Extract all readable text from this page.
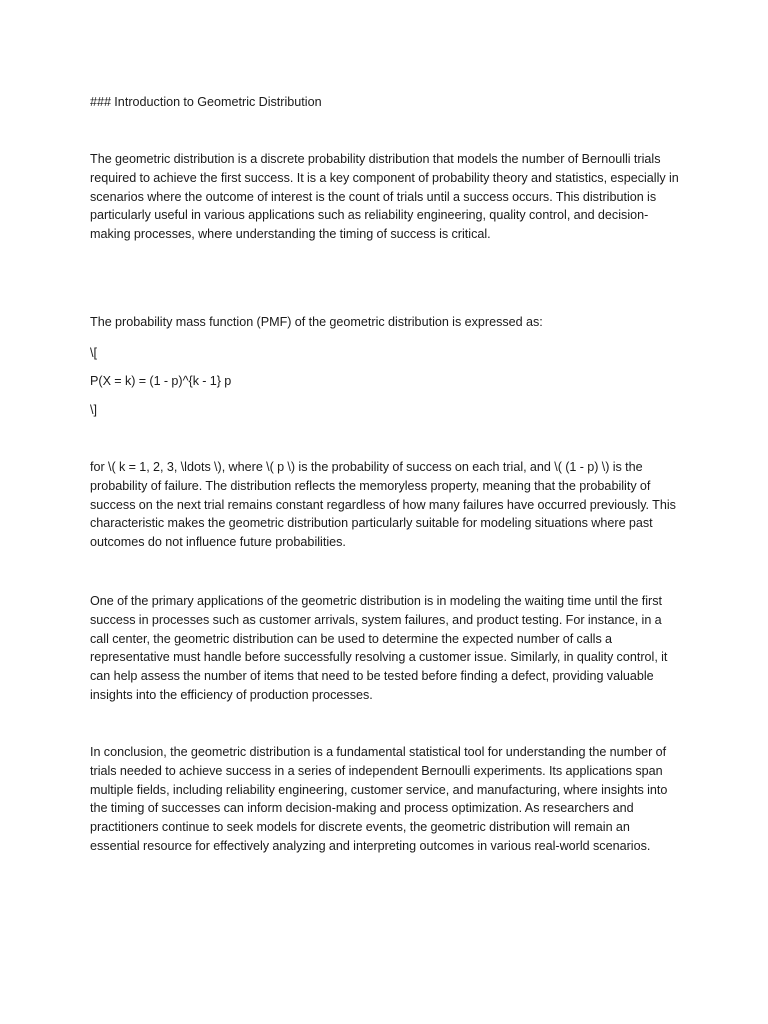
### Introduction to Geometric Distribution

The geometric distribution is a discrete probability distribution that models the number of Bernoulli trials required to achieve the first success. It is a key component of probability theory and statistics, especially in scenarios where the outcome of interest is the count of trials until a success occurs. This distribution is particularly useful in various applications such as reliability engineering, quality control, and decision-making processes, where understanding the timing of success is critical.

The probability mass function (PMF) of the geometric distribution is expressed as:

\[

P(X = k) = (1 - p)^{k - 1} p

\]

for \( k = 1, 2, 3, \ldots \), where \( p \) is the probability of success on each trial, and \( (1 - p) \) is the probability of failure. The distribution reflects the memoryless property, meaning that the probability of success on the next trial remains constant regardless of how many failures have occurred previously. This characteristic makes the geometric distribution particularly suitable for modeling situations where past outcomes do not influence future probabilities.

One of the primary applications of the geometric distribution is in modeling the waiting time until the first success in processes such as customer arrivals, system failures, and product testing. For instance, in a call center, the geometric distribution can be used to determine the expected number of calls a representative must handle before successfully resolving a customer issue. Similarly, in quality control, it can help assess the number of items that need to be tested before finding a defect, providing valuable insights into the efficiency of production processes.

In conclusion, the geometric distribution is a fundamental statistical tool for understanding the number of trials needed to achieve success in a series of independent Bernoulli experiments. Its applications span multiple fields, including reliability engineering, customer service, and manufacturing, where insights into the timing of successes can inform decision-making and process optimization. As researchers and practitioners continue to seek models for discrete events, the geometric distribution will remain an essential resource for effectively analyzing and interpreting outcomes in various real-world scenarios.
